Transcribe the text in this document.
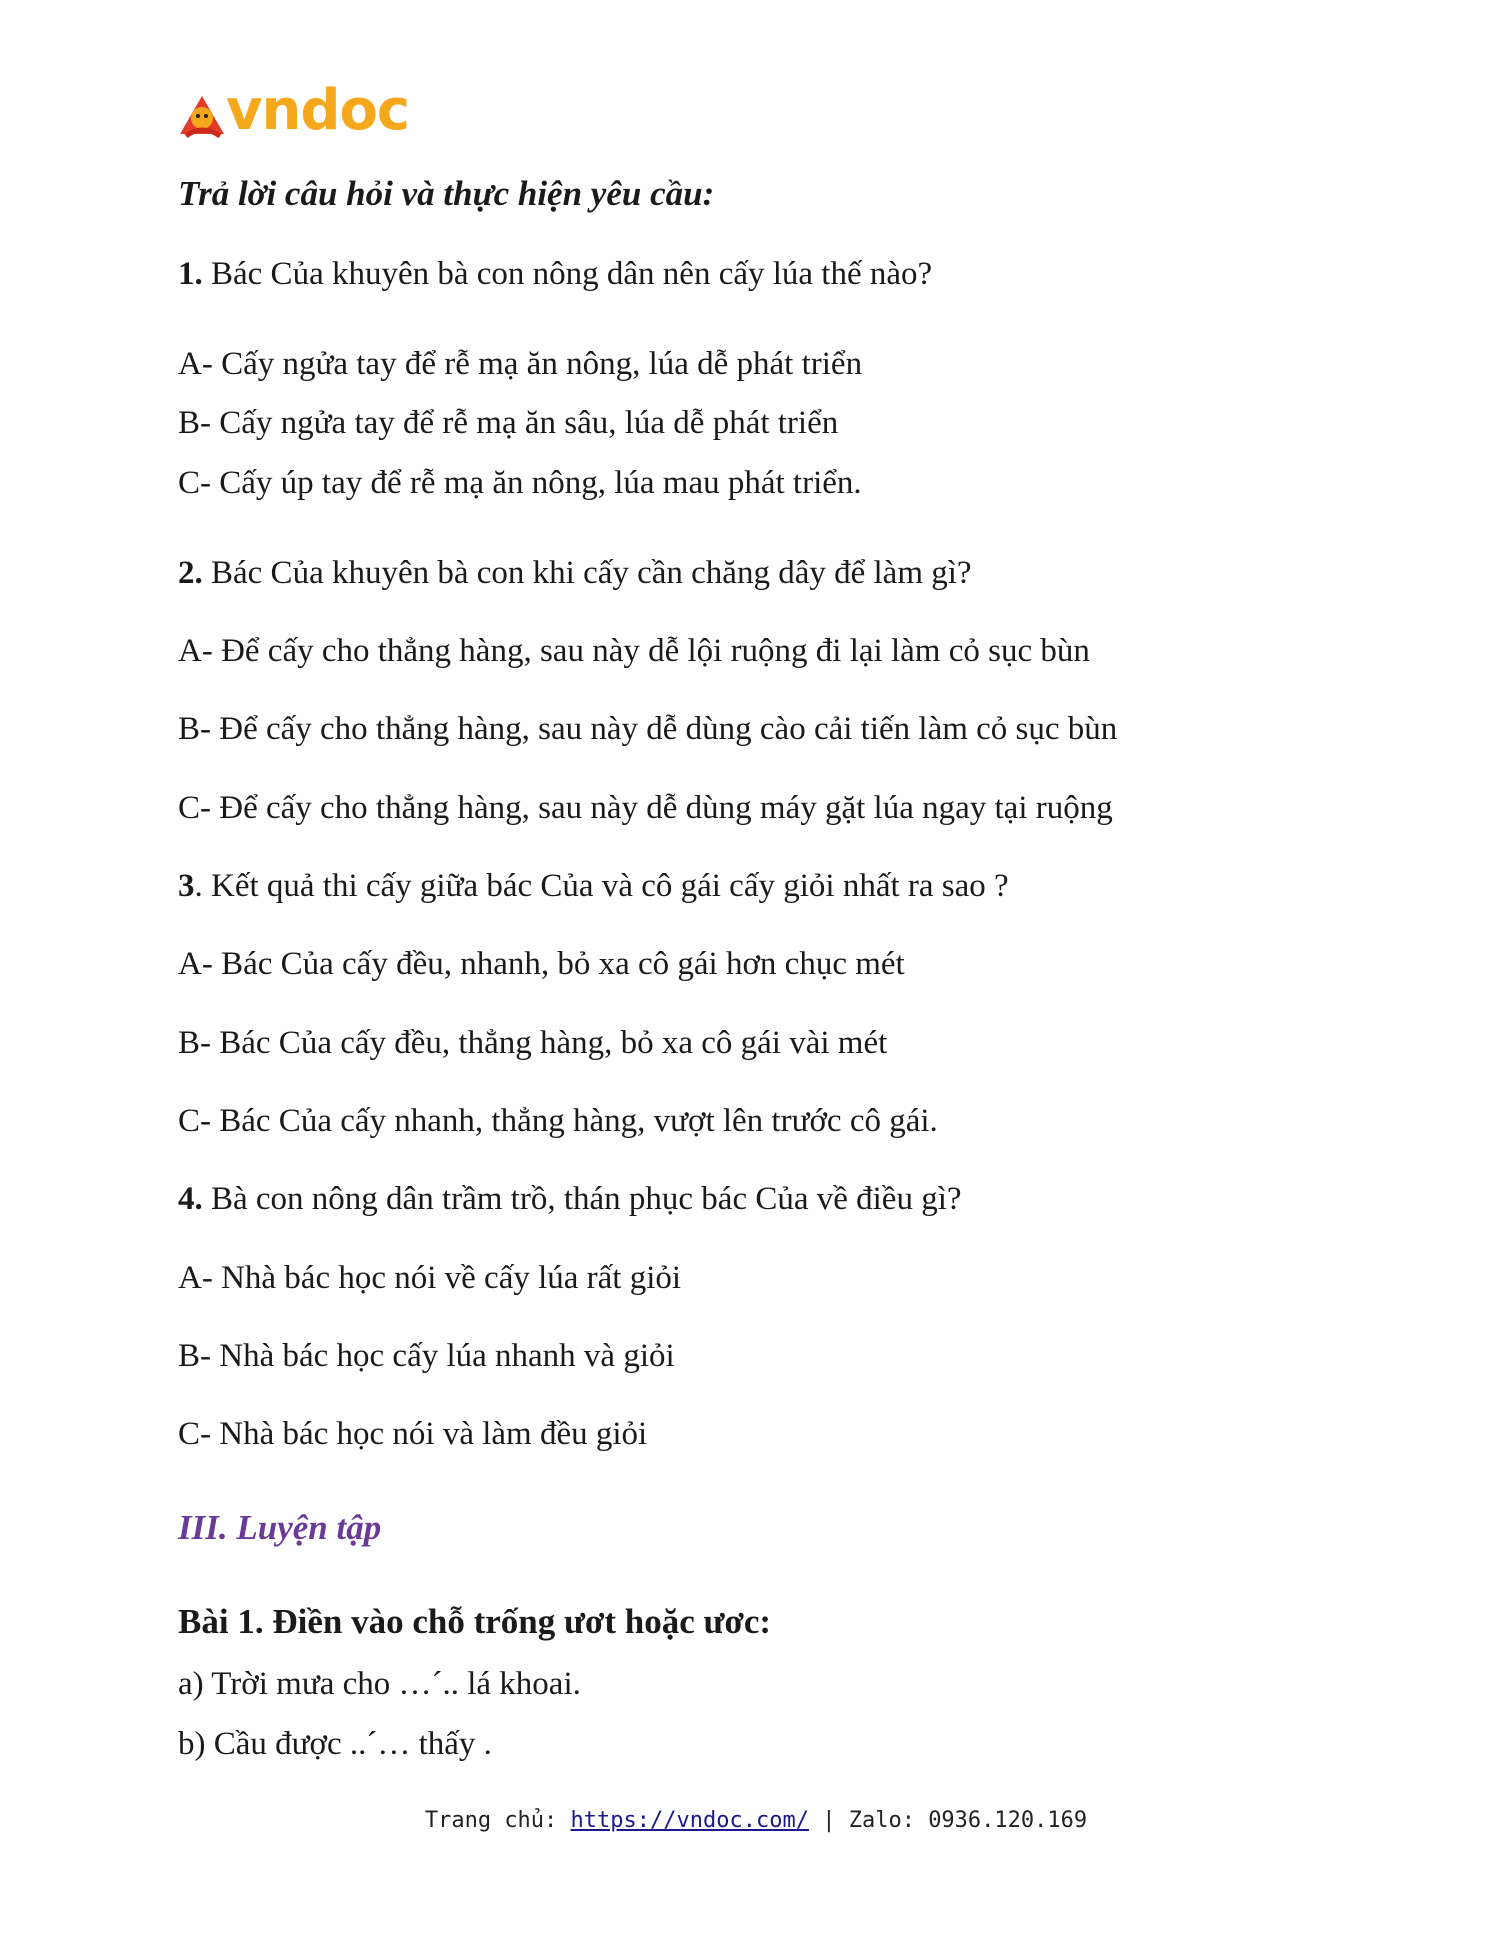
vndoc
Trả lời câu hỏi và thực hiện yêu cầu:
1. Bác Của khuyên bà con nông dân nên cấy lúa thế nào?
A- Cấy ngửa tay để rễ mạ ăn nông, lúa dễ phát triển
B- Cấy ngửa tay để rễ mạ ăn sâu, lúa dễ phát triển
C- Cấy úp tay để rễ mạ ăn nông, lúa mau phát triển.
2. Bác Của khuyên bà con khi cấy cần chăng dây để làm gì?
A- Để cấy cho thẳng hàng, sau này dễ lội ruộng đi lại làm cỏ sục bùn
B- Để cấy cho thẳng hàng, sau này dễ dùng cào cải tiến làm cỏ sục bùn
C- Để cấy cho thẳng hàng, sau này dễ dùng máy gặt lúa ngay tại ruộng
3. Kết quả thi cấy giữa bác Của và cô gái cấy giỏi nhất ra sao ?
A- Bác Của cấy đều, nhanh, bỏ xa cô gái hơn chục mét
B- Bác Của cấy đều, thẳng hàng, bỏ xa cô gái vài mét
C- Bác Của cấy nhanh, thẳng hàng, vượt lên trước cô gái.
4. Bà con nông dân trầm trồ, thán phục bác Của về điều gì?
A- Nhà bác học nói về cấy lúa rất giỏi
B- Nhà bác học cấy lúa nhanh và giỏi
C- Nhà bác học nói và làm đều giỏi
III. Luyện tập
Bài 1. Điền vào chỗ trống ươt hoặc ươc:
a) Trời mưa cho …´.. lá khoai.
b) Cầu được ..´… thấy .
Trang chủ: https://vndoc.com/ | Zalo: 0936.120.169
